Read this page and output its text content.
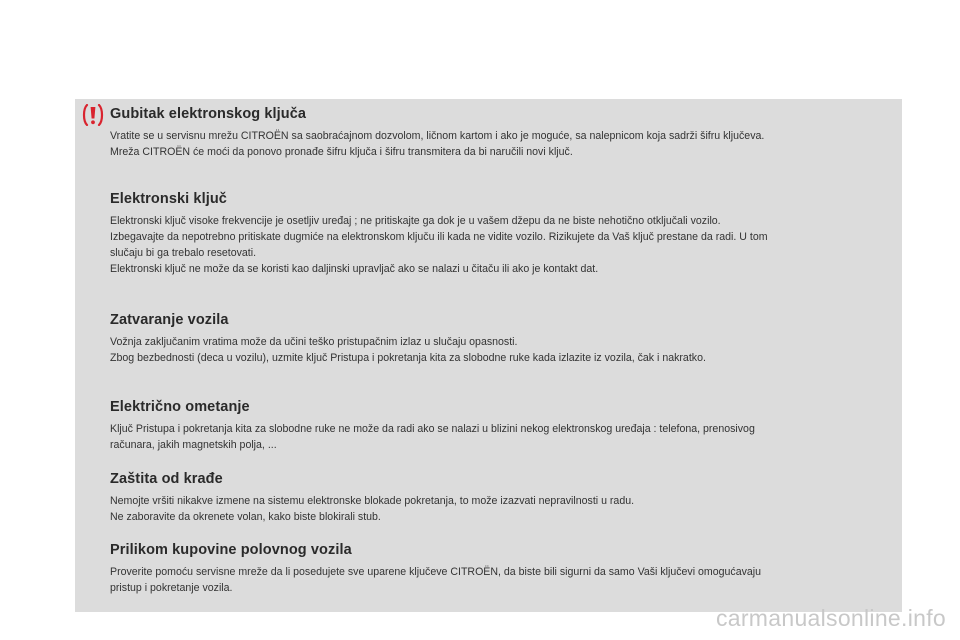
Gubitak elektronskog ključa

Vratite se u servisnu mrežu CITROËN sa saobraćajnom dozvolom, ličnom kartom i ako je moguće, sa nalepnicom koja sadrži šifru ključeva.

Mreža CITROËN će moći da ponovo pronađe šifru ključa i šifru transmitera da bi naručili novi ključ.

Elektronski ključ

Elektronski ključ visoke frekvencije je osetljiv uređaj ; ne pritiskajte ga dok je u vašem džepu da ne biste nehotično otključali vozilo.

Izbegavajte da nepotrebno pritiskate dugmiće na elektronskom ključu ili kada ne vidite vozilo. Rizikujete da Vaš ključ prestane da radi. U tom

slučaju bi ga trebalo resetovati.

Elektronski ključ ne može da se koristi kao daljinski upravljač ako se nalazi u čitaču ili ako je kontakt dat.

Zatvaranje vozila

Vožnja zaključanim vratima može da učini teško pristupačnim izlaz u slučaju opasnosti.

Zbog bezbednosti (deca u vozilu), uzmite ključ Pristupa i pokretanja kita za slobodne ruke kada izlazite iz vozila, čak i nakratko.

Električno ometanje

Ključ Pristupa i pokretanja kita za slobodne ruke ne može da radi ako se nalazi u blizini nekog elektronskog uređaja : telefona, prenosivog

računara, jakih magnetskih polja, ...

Zaštita od krađe

Nemojte vršiti nikakve izmene na sistemu elektronske blokade pokretanja, to može izazvati nepravilnosti u radu.

Ne zaboravite da okrenete volan, kako biste blokirali stub.

Prilikom kupovine polovnog vozila

Proverite pomoću servisne mreže da li posedujete sve uparene ključeve CITROËN, da biste bili sigurni da samo Vaši ključevi omogućavaju

pristup i pokretanje vozila.

carmanualsonline.info
